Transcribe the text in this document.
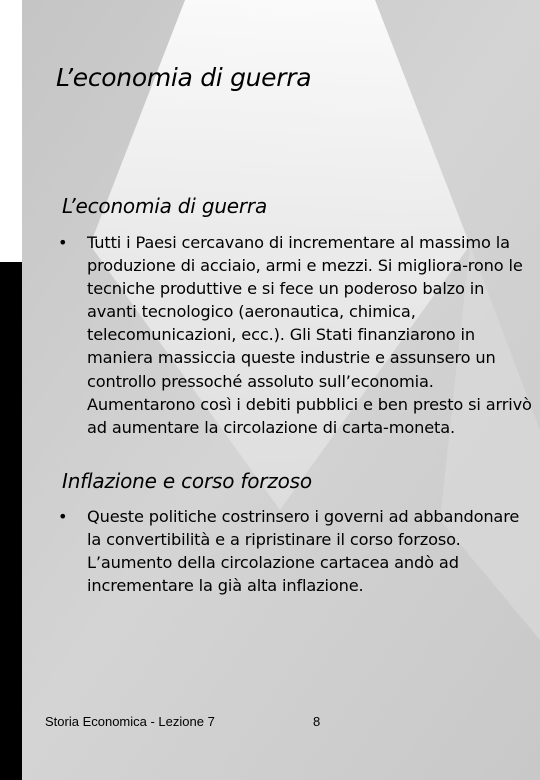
L’economia di guerra
L’economia di guerra
•	Tutti i Paesi cercavano di incrementare al massimo la produzione di acciaio, armi e mezzi. Si migliora-rono le tecniche produttive e si fece un poderoso balzo in avanti tecnologico (aeronautica, chimica, telecomunicazioni, ecc.). Gli Stati finanziarono in maniera massiccia queste industrie e assunsero un controllo pressoché assoluto sull’economia. Aumentarono così i debiti pubblici e ben presto si arrivò ad aumentare la circolazione di carta-moneta.
Inflazione e corso forzoso
•	Queste politiche costrinsero i governi ad abbandonare la convertibilità e a ripristinare il corso forzoso. L’aumento della circolazione cartacea andò ad incrementare la già alta inflazione.
Storia Economica - Lezione 7	8
